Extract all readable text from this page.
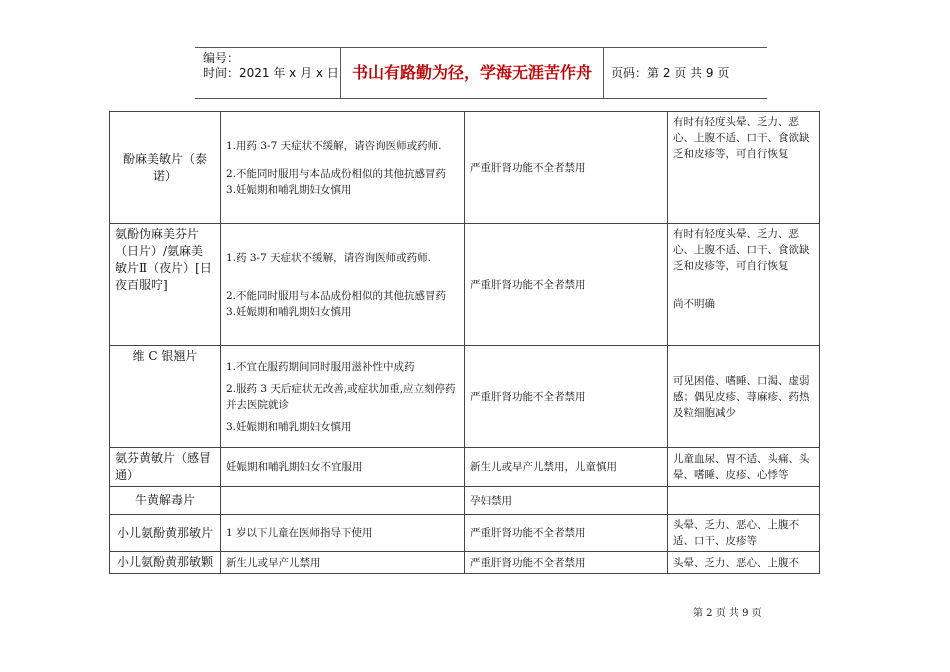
编号：
时间：2021 年 x 月 x 日 书山有路勤为径，学海无涯苦作舟	页码：第 2 页 共 9 页
酚麻美敏片（泰诺）	1.用药 3-7 天症状不缓解，请咨询医师或药师.
2.不能同时服用与本品成份相似的其他抗感冒药
3.妊娠期和哺乳期妇女慎用	严重肝肾功能不全者禁用	有时有轻度头晕、乏力、恶心、上腹不适、口干、食欲缺乏和皮疹等，可自行恢复

氨酚伪麻美芬片（日片）/氨麻美敏片Ⅱ（夜片）[日夜百服咛]	1.药 3-7 天症状不缓解，请咨询医师或药师.
2.不能同时服用与本品成份相似的其他抗感冒药
3.妊娠期和哺乳期妇女慎用	严重肝肾功能不全者禁用	有时有轻度头晕、乏力、恶心、上腹不适、口干、食欲缺乏和皮疹等，可自行恢复
尚不明确

维 C 银翘片	1.不宜在服药期间同时服用滋补性中成药
2.服药 3 天后症状无改善,或症状加重,应立刻停药并去医院就诊
3.妊娠期和哺乳期妇女慎用	严重肝肾功能不全者禁用	可见困倦、嗜睡、口渴、虚弱感；偶见皮疹、荨麻疹、药热及粒细胞减少
氨芬黄敏片（感冒通）	妊娠期和哺乳期妇女不宜服用	新生儿或早产儿禁用，儿童慎用	儿童血尿、胃不适、头痛、头晕、嗜睡、皮疹、心悸等
牛黄解毒片		孕妇禁用	
小儿氨酚黄那敏片	1 岁以下儿童在医师指导下使用	严重肝肾功能不全者禁用	头晕、乏力、恶心、上腹不适、口干、皮疹等
小儿氨酚黄那敏颗	新生儿或早产儿禁用	严重肝肾功能不全者禁用	头晕、乏力、恶心、上腹不
第 2 页 共 9 页
